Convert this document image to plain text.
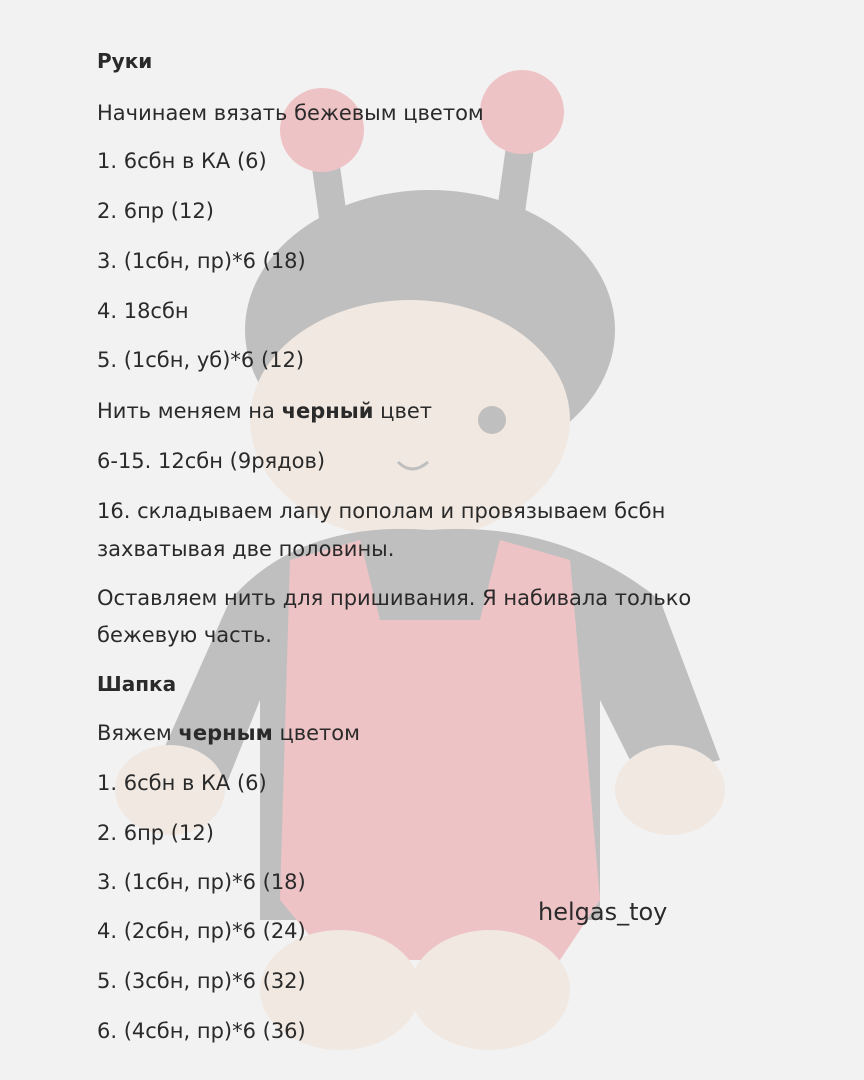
Руки
Начинаем вязать бежевым цветом
1. 6сбн в КА (6)
2. 6пр (12)
3. (1сбн, пр)*6 (18)
4. 18сбн
5. (1сбн, уб)*6 (12)
Нить меняем на черный цвет
6-15. 12сбн (9рядов)
16. складываем лапу пополам и провязываем бсбн
захватывая две половины.
Оставляем нить для пришивания. Я набивала только
бежевую часть.
Шапка
Вяжем черным цветом
1. 6сбн в КА (6)
2. 6пр (12)
3. (1сбн, пр)*6 (18)
4. (2сбн, пр)*6 (24)
5. (3сбн, пр)*6 (32)
6. (4сбн, пр)*6 (36)
helgas_toy
